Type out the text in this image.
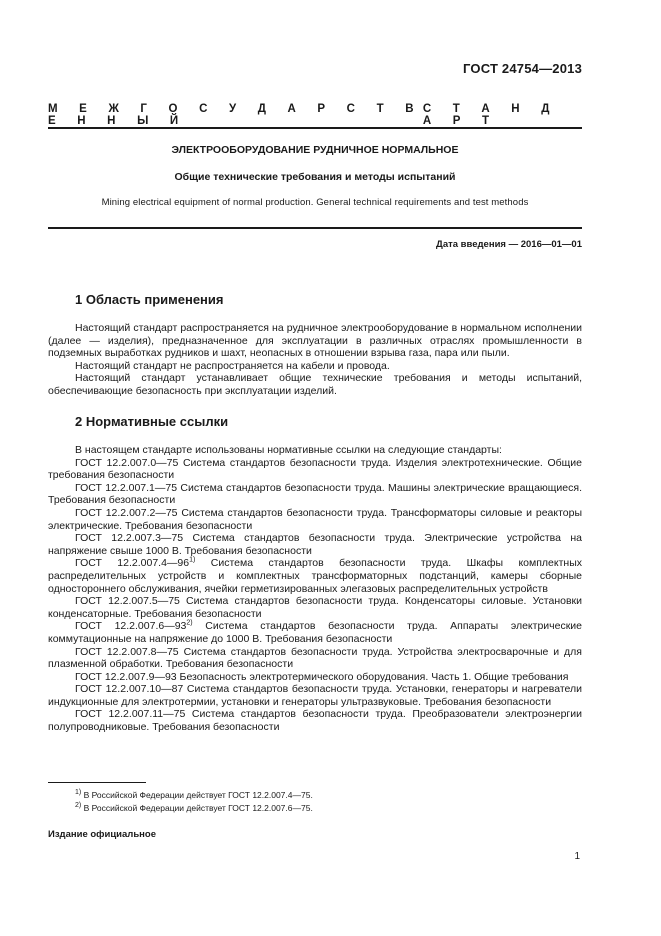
ГОСТ 24754—2013
М Е Ж Г О С У Д А Р С Т В Е Н Н Ы Й
С Т А Н Д А Р Т
ЭЛЕКТРООБОРУДОВАНИЕ РУДНИЧНОЕ НОРМАЛЬНОЕ
Общие технические требования и методы испытаний
Mining electrical equipment of normal production. General technical requirements and test methods
Дата введения — 2016—01—01
1 Область применения

Настоящий стандарт распространяется на рудничное электрооборудование в нормальном исполнении (далее — изделия), предназначенное для эксплуатации в различных отраслях промышленности в подземных выработках рудников и шахт, неопасных в отношении взрыва газа, пара или пыли.

Настоящий стандарт не распространяется на кабели и провода.

Настоящий стандарт устанавливает общие технические требования и методы испытаний, обеспечивающие безопасность при эксплуатации изделий.

2 Нормативные ссылки

В настоящем стандарте использованы нормативные ссылки на следующие стандарты:

ГОСТ 12.2.007.0—75 Система стандартов безопасности труда. Изделия электротехнические. Общие требования безопасности

ГОСТ 12.2.007.1—75 Система стандартов безопасности труда. Машины электрические вращающиеся. Требования безопасности

ГОСТ 12.2.007.2—75 Система стандартов безопасности труда. Трансформаторы силовые и реакторы электрические. Требования безопасности

ГОСТ 12.2.007.3—75 Система стандартов безопасности труда. Электрические устройства на напряжение свыше 1000 В. Требования безопасности

ГОСТ 12.2.007.4—96$^{1)}$ Система стандартов безопасности труда. Шкафы комплектных распределительных устройств и комплектных трансформаторных подстанций, камеры сборные одностороннего обслуживания, ячейки герметизированных элегазовых распределительных устройств

ГОСТ 12.2.007.5—75 Система стандартов безопасности труда. Конденсаторы силовые. Установки конденсаторные. Требования безопасности

ГОСТ 12.2.007.6—93$^{2)}$ Система стандартов безопасности труда. Аппараты электрические коммутационные на напряжение до 1000 В. Требования безопасности

ГОСТ 12.2.007.8—75 Система стандартов безопасности труда. Устройства электросварочные и для плазменной обработки. Требования безопасности

ГОСТ 12.2.007.9—93 Безопасность электротермического оборудования. Часть 1. Общие требования

ГОСТ 12.2.007.10—87 Система стандартов безопасности труда. Установки, генераторы и нагреватели индукционные для электротермии, установки и генераторы ультразвуковые. Требования безопасности

ГОСТ 12.2.007.11—75 Система стандартов безопасности труда. Преобразователи электроэнергии полупроводниковые. Требования безопасности

$^{1)}$ В Российской Федерации действует ГОСТ 12.2.007.4—75.
$^{2)}$ В Российской Федерации действует ГОСТ 12.2.007.6—75.
Издание официальное
1
